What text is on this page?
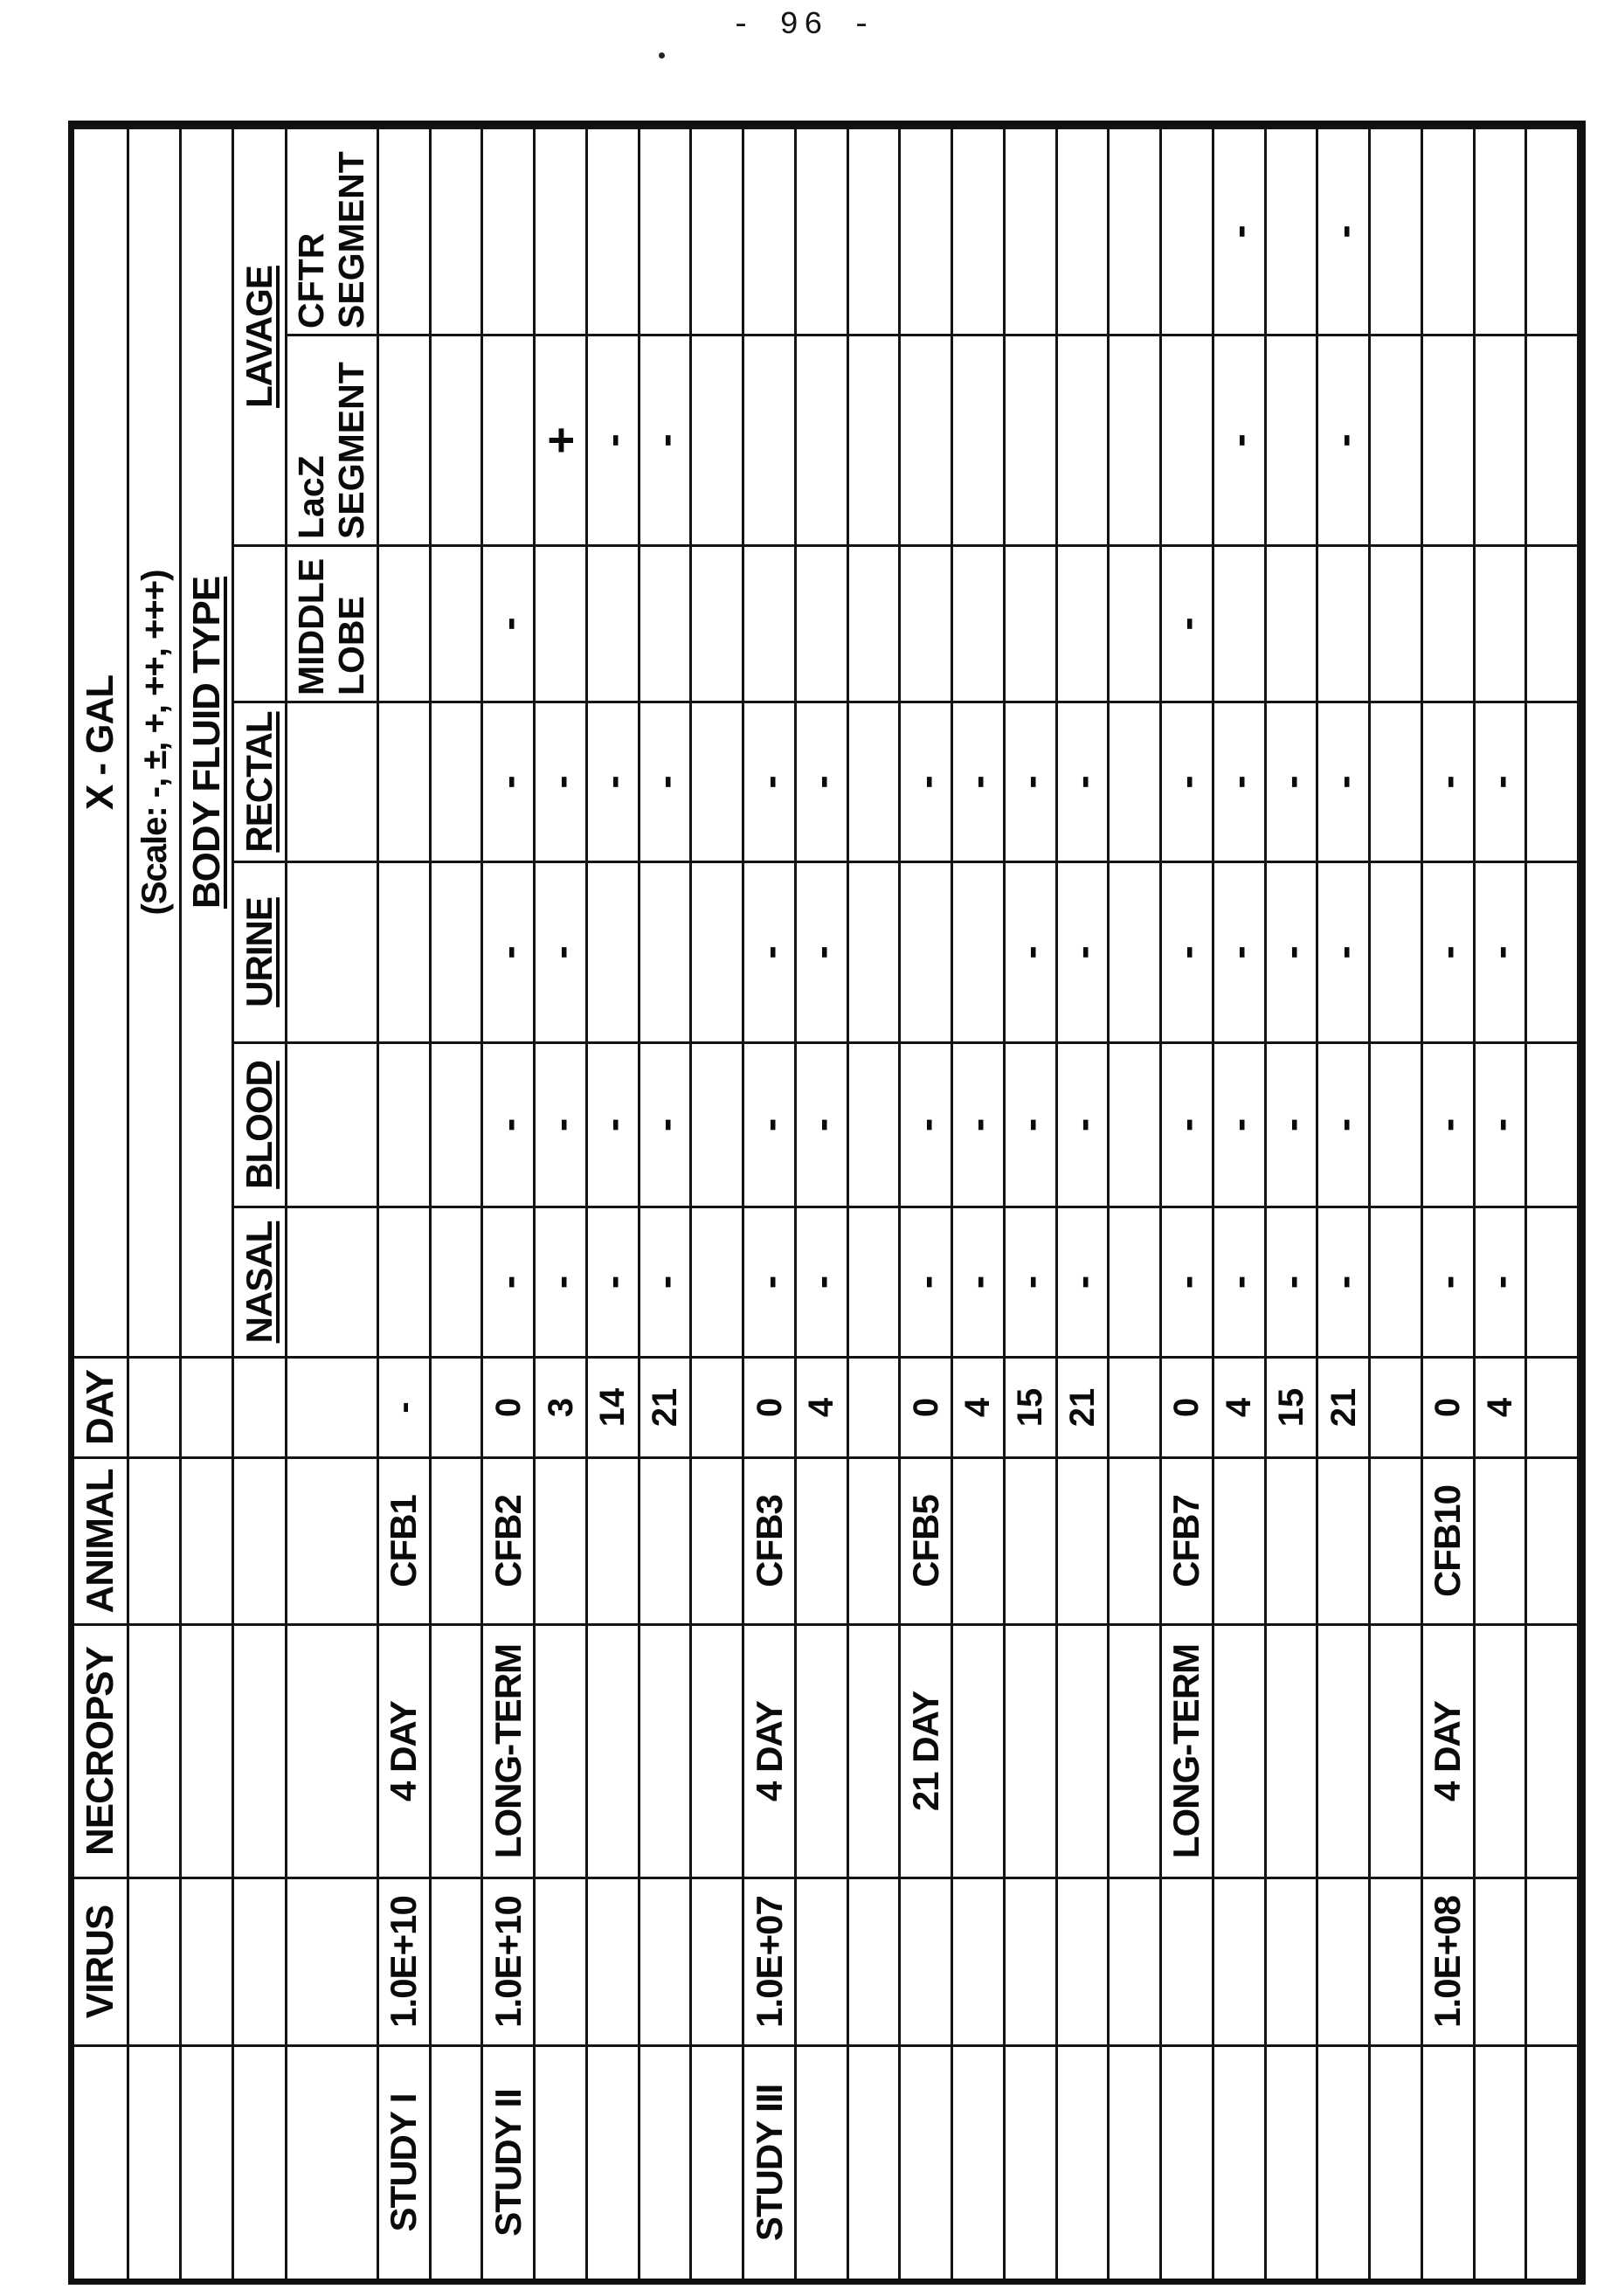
- 96 -
VIRUS
NECROPSY
ANIMAL
DAY
X - GAL (Scale: -, ±, +, ++, +++) BODY FLUID TYPE
NASAL
BLOOD
URINE
RECTAL
LAVAGE
MIDDLE
LOBE
LacZ
SEGMENT
CFTR
SEGMENT
STUDY I
1.0E+10
4 DAY
CFB1
-
STUDY II
1.0E+10
LONG-TERM
CFB2
0
-
-
-
-
-
3
-
-
-
-
+
14
-
-
-
-
21
-
-
-
-
STUDY III
1.0E+07
4 DAY
CFB3
0
-
-
-
-
4
-
-
-
-
21 DAY
CFB5
0
-
-
-
4
-
-
-
15
-
-
-
-
21
-
-
-
-
LONG-TERM
CFB7
0
-
-
-
-
-
4
-
-
-
-
-
-
15
-
-
-
-
21
-
-
-
-
-
-
1.0E+08
4 DAY
CFB10
0
-
-
-
-
4
-
-
-
-
